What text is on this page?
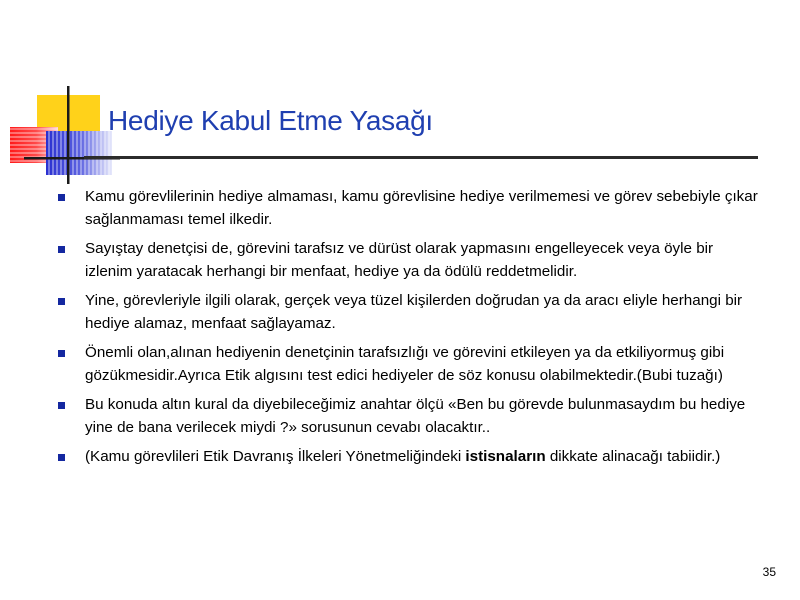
Hediye Kabul Etme Yasağı
Kamu görevlilerinin hediye almaması, kamu görevlisine hediye verilmemesi ve görev sebebiyle çıkar sağlanmaması temel ilkedir.
Sayıştay denetçisi de, görevini tarafsız ve dürüst olarak yapmasını engelleyecek veya öyle bir izlenim yaratacak herhangi bir menfaat, hediye ya da ödülü reddetmelidir.
Yine, görevleriyle ilgili olarak, gerçek veya tüzel kişilerden doğrudan ya da aracı eliyle herhangi bir hediye alamaz, menfaat sağlayamaz.
Önemli olan,alınan hediyenin denetçinin tarafsızlığı ve görevini etkileyen ya da etkiliyormuş gibi gözükmesidir.Ayrıca Etik algısını test edici hediyeler de söz konusu olabilmektedir.(Bubi tuzağı)
Bu konuda altın kural da diyebileceğimiz anahtar ölçü «Ben bu görevde bulunmasaydım bu hediye yine de bana verilecek miydi ?» sorusunun cevabı olacaktır..
(Kamu görevlileri Etik Davranış İlkeleri Yönetmeliğindeki istisnaların dikkate alinacağı tabiidir.)
35
